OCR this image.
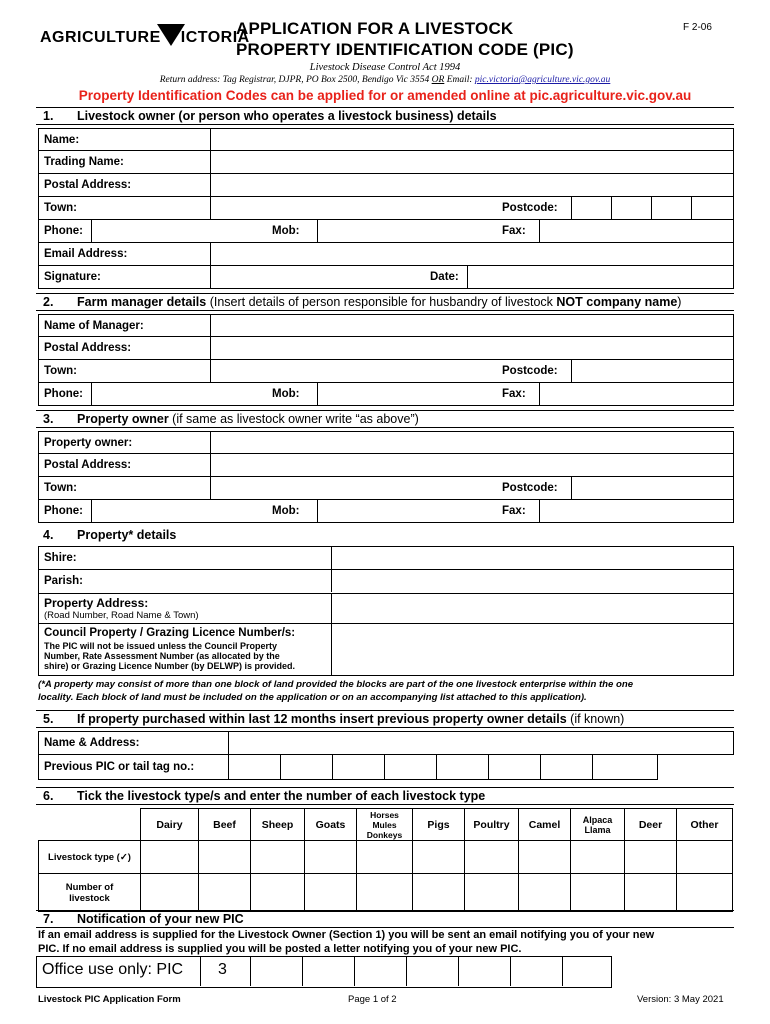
AGRICULTURE ICTORIA
APPLICATION FOR A LIVESTOCK
PROPERTY IDENTIFICATION CODE (PIC)
F 2-06
Livestock Disease Control Act 1994
Return address: Tag Registrar, DJPR, PO Box 2500, Bendigo Vic 3554 OR Email: pic.victoria@agriculture.vic.gov.au
Property Identification Codes can be applied for or amended online at pic.agriculture.vic.gov.au
1. Livestock owner (or person who operates a livestock business) details
Name:
Trading Name:
Postal Address:
Town:	Postcode:
Phone:	Mob:	Fax:
Email Address:
Signature:	Date:
2. Farm manager details (Insert details of person responsible for husbandry of livestock NOT company name)
Name of Manager:
Postal Address:
Town:	Postcode:
Phone:	Mob:	Fax:
3. Property owner (if same as livestock owner write “as above”)
Property owner:
Postal Address:
Town:	Postcode:
Phone:	Mob:	Fax:
4. Property* details
Shire:
Parish:
Property Address:
(Road Number, Road Name & Town)
Council Property / Grazing Licence Number/s:
The PIC will not be issued unless the Council Property
Number, Rate Assessment Number (as allocated by the
shire) or Grazing Licence Number (by DELWP) is provided.
(*A property may consist of more than one block of land provided the blocks are part of the one livestock enterprise within the one
locality. Each block of land must be included on the application or on an accompanying list attached to this application).
5. If property purchased within last 12 months insert previous property owner details (if known)
Name & Address:
Previous PIC or tail tag no.:
6. Tick the livestock type/s and enter the number of each livestock type
	Dairy	Beef	Sheep	Goats	Horses
Mules
Donkeys	Pigs	Poultry	Camel	Alpaca
Llama	Deer	Other
Livestock type (✓)											
Number of
livestock											
7. Notification of your new PIC
If an email address is supplied for the Livestock Owner (Section 1) you will be sent an email notifying you of your new
PIC. If no email address is supplied you will be posted a letter notifying you of your new PIC.
Office use only: PIC 3
Livestock PIC Application Form	Page 1 of 2	Version: 3 May 2021
